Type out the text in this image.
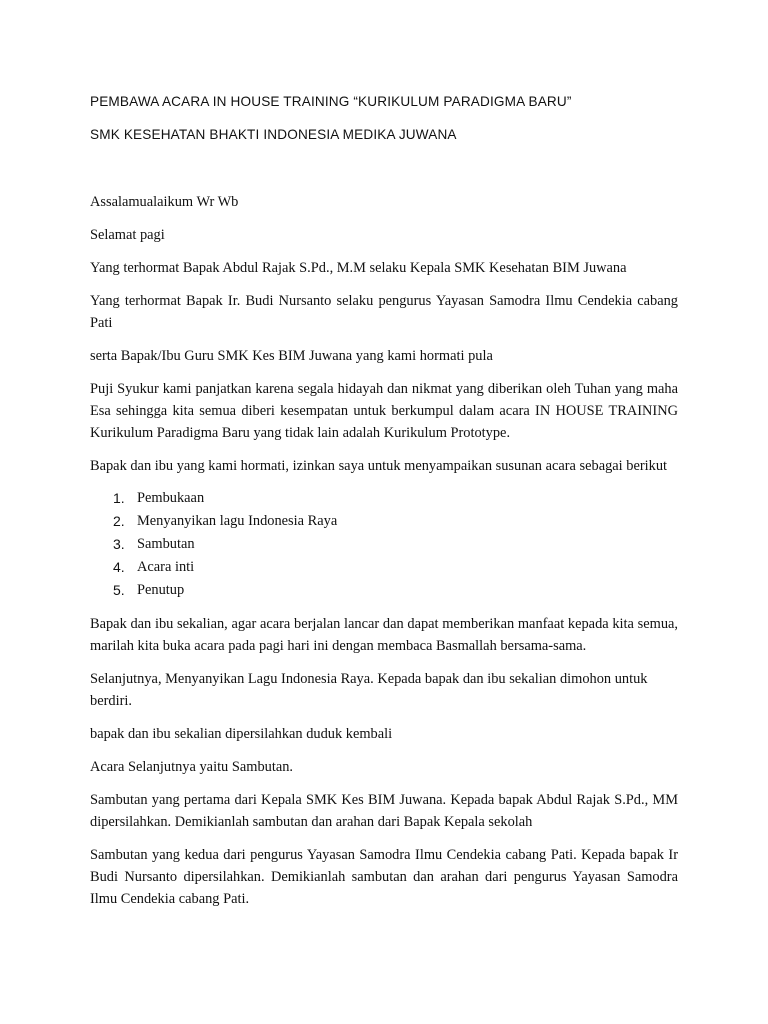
PEMBAWA ACARA IN HOUSE TRAINING “KURIKULUM PARADIGMA BARU”
SMK KESEHATAN BHAKTI INDONESIA MEDIKA JUWANA

Assalamualaikum Wr Wb

Selamat pagi

Yang terhormat Bapak Abdul Rajak S.Pd., M.M selaku Kepala SMK Kesehatan BIM Juwana

Yang terhormat Bapak Ir. Budi Nursanto selaku pengurus Yayasan Samodra Ilmu Cendekia cabang Pati

serta Bapak/Ibu Guru SMK Kes BIM Juwana yang kami hormati pula

Puji Syukur kami panjatkan karena segala hidayah dan nikmat yang diberikan oleh Tuhan yang maha Esa sehingga kita semua diberi kesempatan untuk berkumpul dalam acara IN HOUSE TRAINING Kurikulum Paradigma Baru yang tidak lain adalah Kurikulum Prototype.

Bapak dan ibu yang kami hormati, izinkan saya untuk menyampaikan susunan acara sebagai berikut

1. Pembukaan
2. Menyanyikan lagu Indonesia Raya
3. Sambutan
4. Acara inti
5. Penutup

Bapak dan ibu sekalian, agar acara berjalan lancar dan dapat memberikan manfaat kepada kita semua, marilah kita buka acara pada pagi hari ini dengan membaca Basmallah bersama-sama.

Selanjutnya, Menyanyikan Lagu Indonesia Raya. Kepada bapak dan ibu sekalian dimohon untuk berdiri.

bapak dan ibu sekalian dipersilahkan duduk kembali

Acara Selanjutnya yaitu Sambutan.

Sambutan yang pertama dari Kepala SMK Kes BIM Juwana. Kepada bapak Abdul Rajak S.Pd., MM dipersilahkan. Demikianlah sambutan dan arahan dari Bapak Kepala sekolah

Sambutan yang kedua dari pengurus Yayasan Samodra Ilmu Cendekia cabang Pati. Kepada bapak Ir Budi Nursanto dipersilahkan. Demikianlah sambutan dan arahan dari pengurus Yayasan Samodra Ilmu Cendekia cabang Pati.
